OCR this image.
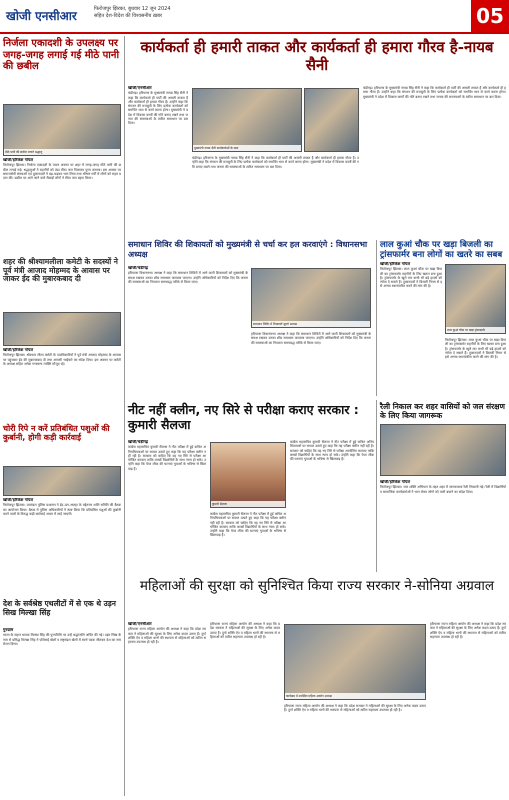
खोजी एनसीआर	फिरोजपुर झिरका, बुधवार 12 जून 2024
सहित देश-विदेश की विश्वसनीय ख़बर	05
निर्जला एकादशी के उपलक्ष्य पर जगह-जगह लगाई गई मीठे पानी की छबील
मीठे पानी की छबील लगाते श्रद्धालु
खोजी/हरिकेश गोयल
फिरोजपुर झिरका। निर्जला एकादशी के पावन अवसर पर शहर में जगह-जगह मीठे पानी की छबील लगाई गई। श्रद्धालुओं ने राहगीरों को ठंडा मीठा जल पिलाकर पुण्य कमाया। इस अवसर पर समाजसेवी संस्थाओं एवं दुकानदारों ने बढ़-चढ़कर भाग लिया तथा भीषण गर्मी में लोगों को राहत प्रदान की। छबील पर आने जाने वाले सैकड़ों लोगों ने मीठा जल ग्रहण किया।
शहर की श्रीश्यामलीला कमेटी के सदस्यों ने पूर्व मंत्री आजाद मोहम्मद के आवास पर जाकर ईद की मुबारकबाद दी
खोजी/हरिकेश गोयल
फिरोजपुर झिरका। श्रीश्याम लीला कमेटी के पदाधिकारियों ने पूर्व मंत्री आजाद मोहम्मद के आवास पर पहुंचकर ईद की मुबारकबाद दी तथा आपसी भाईचारे का संदेश दिया। इस अवसर पर कमेटी के अध्यक्ष सहित अनेक गणमान्य व्यक्ति मौजूद रहे।
चोरी रिपे न करें प्रतिबंधित पशुओं की कुर्बानी, होगी कड़ी कार्रवाई
खोजी/हरिकेश गोयल
फिरोजपुर झिरका। उपमंडल पुलिस प्रशासन ने ईद-उल-अजहा के मद्देनजर शांति समिति की बैठक का आयोजन किया। बैठक में पुलिस अधिकारियों ने स्पष्ट किया कि प्रतिबंधित पशुओं की कुर्बानी करने वालों के विरुद्ध कड़ी कार्रवाई अमल में लाई जाएगी।
देश के सर्वश्रेष्ठ एथलीटों में से एक थे उड़न सिख मिल्खा सिंह
गुरुग्राम
भारत के महान धावक मिल्खा सिंह की पुण्यतिथि पर उन्हें श्रद्धांजलि अर्पित की गई। उड़न सिख के नाम से प्रसिद्ध मिल्खा सिंह ने एशियाई खेलों व राष्ट्रमंडल खेलों में स्वर्ण पदक जीतकर देश का नाम रोशन किया।
कार्यकर्ता ही हमारी ताकत और कार्यकर्ता ही हमारा गौरव है-नायब सैनी
खोजी/एनसीआर
चंडीगढ़। हरियाणा के मुख्यमंत्री नायब सिंह सैनी ने कहा कि कार्यकर्ता ही पार्टी की असली ताकत हैं और कार्यकर्ता ही हमारा गौरव हैं। उन्होंने कहा कि संगठन की मजबूती के लिए प्रत्येक कार्यकर्ता को समर्पित भाव से कार्य करना होगा। मुख्यमंत्री ने प्रदेश में विकास कार्यों की गति बनाए रखने तथा जनता की समस्याओं के त्वरित समाधान पर बल दिया।
मुख्यमंत्री नायब सैनी कार्यकर्ताओं के साथ
चंडीगढ़। हरियाणा के मुख्यमंत्री नायब सिंह सैनी ने कहा कि कार्यकर्ता ही पार्टी की असली ताकत हैं और कार्यकर्ता ही हमारा गौरव हैं। उन्होंने कहा कि संगठन की मजबूती के लिए प्रत्येक कार्यकर्ता को समर्पित भाव से कार्य करना होगा। मुख्यमंत्री ने प्रदेश में विकास कार्यों की गति बनाए रखने तथा जनता की समस्याओं के त्वरित समाधान पर बल दिया।
चंडीगढ़। हरियाणा के मुख्यमंत्री नायब सिंह सैनी ने कहा कि कार्यकर्ता ही पार्टी की असली ताकत हैं और कार्यकर्ता ही हमारा गौरव हैं। उन्होंने कहा कि संगठन की मजबूती के लिए प्रत्येक कार्यकर्ता को समर्पित भाव से कार्य करना होगा। मुख्यमंत्री ने प्रदेश में विकास कार्यों की गति बनाए रखने तथा जनता की समस्याओं के त्वरित समाधान पर बल दिया।
समाधान शिविर की शिकायतों को मुख्यमंत्री से चर्चा कर हल करवाएंगे : विधानसभा अध्यक्ष
खोजी/चंडीगढ़
हरियाणा विधानसभा अध्यक्ष ने कहा कि समाधान शिविरों में आने वाली शिकायतों को मुख्यमंत्री के समक्ष रखकर उनका शीघ्र समाधान करवाया जाएगा। उन्होंने अधिकारियों को निर्देश दिए कि जनता की समस्याओं का निपटारा समयबद्ध तरीके से किया जाए।
समाधान शिविर में शिकायतें सुनते अध्यक्ष
हरियाणा विधानसभा अध्यक्ष ने कहा कि समाधान शिविरों में आने वाली शिकायतों को मुख्यमंत्री के समक्ष रखकर उनका शीघ्र समाधान करवाया जाएगा। उन्होंने अधिकारियों को निर्देश दिए कि जनता की समस्याओं का निपटारा समयबद्ध तरीके से किया जाए।
लाल कुआं चौक पर खड़ा बिजली का ट्रांसफार्मर बना लोगों का खतरे का सबब
खोजी/हरिकेश गोयल
फिरोजपुर झिरका। लाल कुआं चौक पर खड़ा बिजली का ट्रांसफार्मर राहगीरों के लिए खतरा बना हुआ है। ट्रांसफार्मर के खुले तार कभी भी बड़े हादसे को न्योता दे सकते हैं। दुकानदारों ने बिजली निगम से इसे अन्यत्र स्थानांतरित करने की मांग की है।
लाल कुआं चौक पर खड़ा ट्रांसफार्मर
फिरोजपुर झिरका। लाल कुआं चौक पर खड़ा बिजली का ट्रांसफार्मर राहगीरों के लिए खतरा बना हुआ है। ट्रांसफार्मर के खुले तार कभी भी बड़े हादसे को न्योता दे सकते हैं। दुकानदारों ने बिजली निगम से इसे अन्यत्र स्थानांतरित करने की मांग की है।
नीट नहीं क्लीन, नए सिरे से परीक्षा कराए सरकार : कुमारी सैलजा
खोजी/चंडीगढ़
कांग्रेस महासचिव कुमारी सैलजा ने नीट परीक्षा में हुई कथित अनियमितताओं पर सवाल उठाते हुए कहा कि यह परीक्षा क्लीन नहीं रही है। सरकार को चाहिए कि वह नए सिरे से परीक्षा आयोजित करवाए ताकि लाखों विद्यार्थियों के साथ न्याय हो सके। उन्होंने कहा कि पेपर लीक की घटनाएं युवाओं के भविष्य से खिलवाड़ हैं।
कुमारी सैलजा
कांग्रेस महासचिव कुमारी सैलजा ने नीट परीक्षा में हुई कथित अनियमितताओं पर सवाल उठाते हुए कहा कि यह परीक्षा क्लीन नहीं रही है। सरकार को चाहिए कि वह नए सिरे से परीक्षा आयोजित करवाए ताकि लाखों विद्यार्थियों के साथ न्याय हो सके। उन्होंने कहा कि पेपर लीक की घटनाएं युवाओं के भविष्य से खिलवाड़ हैं।
कांग्रेस महासचिव कुमारी सैलजा ने नीट परीक्षा में हुई कथित अनियमितताओं पर सवाल उठाते हुए कहा कि यह परीक्षा क्लीन नहीं रही है। सरकार को चाहिए कि वह नए सिरे से परीक्षा आयोजित करवाए ताकि लाखों विद्यार्थियों के साथ न्याय हो सके। उन्होंने कहा कि पेपर लीक की घटनाएं युवाओं के भविष्य से खिलवाड़ हैं।
रैली निकाल कर शहर वासियों को जल संरक्षण के लिए किया जागरूक
खोजी/हरिकेश गोयल
फिरोजपुर झिरका। जल शक्ति अभियान के तहत शहर में जागरूकता रैली निकाली गई। रैली में विद्यार्थियों व सामाजिक कार्यकर्ताओं ने भाग लेकर लोगों को पानी बचाने का संदेश दिया।
महिलाओं की सुरक्षा को सुनिश्चित किया राज्य सरकार ने-सोनिया अग्रवाल
खोजी/एनसीआर
हरियाणा राज्य महिला आयोग की अध्यक्ष ने कहा कि प्रदेश सरकार ने महिलाओं की सुरक्षा के लिए अनेक कदम उठाए हैं। दुर्गा शक्ति ऐप व महिला थानों की स्थापना से महिलाओं को त्वरित सहायता उपलब्ध हो रही है।
हरियाणा राज्य महिला आयोग की अध्यक्ष ने कहा कि प्रदेश सरकार ने महिलाओं की सुरक्षा के लिए अनेक कदम उठाए हैं। दुर्गा शक्ति ऐप व महिला थानों की स्थापना से महिलाओं को त्वरित सहायता उपलब्ध हो रही है।
कार्यक्रम में उपस्थित महिला आयोग अध्यक्ष
हरियाणा राज्य महिला आयोग की अध्यक्ष ने कहा कि प्रदेश सरकार ने महिलाओं की सुरक्षा के लिए अनेक कदम उठाए हैं। दुर्गा शक्ति ऐप व महिला थानों की स्थापना से महिलाओं को त्वरित सहायता उपलब्ध हो रही है।
हरियाणा राज्य महिला आयोग की अध्यक्ष ने कहा कि प्रदेश सरकार ने महिलाओं की सुरक्षा के लिए अनेक कदम उठाए हैं। दुर्गा शक्ति ऐप व महिला थानों की स्थापना से महिलाओं को त्वरित सहायता उपलब्ध हो रही है।
